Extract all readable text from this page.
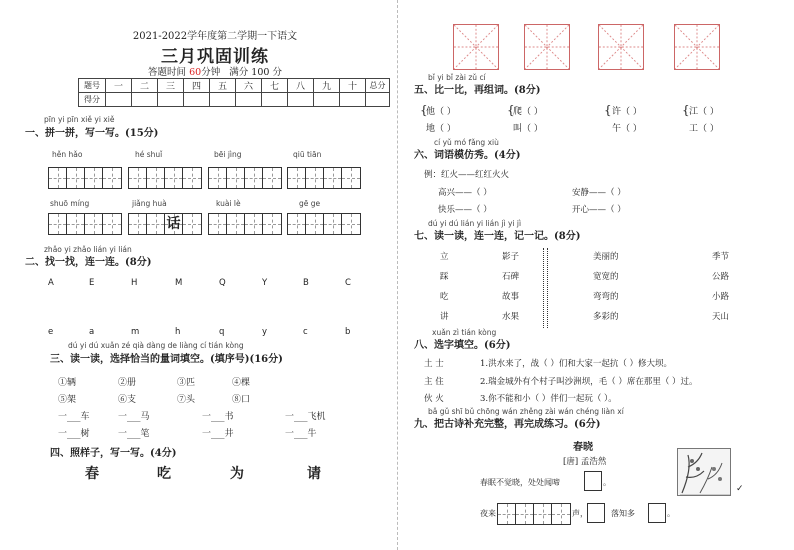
2021-2022学年度第二学期一下语文
三月巩固训练
答题时间 60分钟 满分 100 分
题号	一	二	三	四	五	六	七	八	九	十	总分
得分											
pīn yi pīn xiě yi xiě
一、拼一拼，写一写。(15分)
hěn hǎo	hé shuǐ	bēi jìng	qiū tiān
shuō míng	jiǎng huà
话
kuài lè	gē ge
zhǎo yi zhǎo lián yi lián
二、找一找，连一连。(8分)
A	E	H	M	Q	Y	B	C
e	a	m	h	q	y	c	b
dú yi dú xuǎn zé qià dàng de liàng cí tián kòng
三、读一读，选择恰当的量词填空。(填序号)(16分)
①辆	②册	③匹	④棵
⑤架	⑥支	⑦头	⑧口
一___车	一___马	一___书	一___飞机
一___树	一___笔	一___井	一___牛
四、照样子，写一写。(4分)
春	吃	为	请
bǐ yi bǐ zài zǔ cí
五、比一比，再组词。(8分)
{
他（ ）
地（ ）
{
爬（ ）
叫（ ）
{ 许（ ）
午（ ）
{ 江（ ）
工（ ）
cí yǔ mó fǎng xiù
六、词语模仿秀。(4分)
例：红火——红红火火
高兴——（ ）	安静——（ ）
快乐——（ ）	开心——（ ）
dú yi dú lián yi lián jì yi jì
七、读一读，连一连，记一记。(8分)
立
踩
吃
讲
影子
石碑
故事
水果
美丽的
宽宽的
弯弯的
多彩的
季节
公路
小路
天山
xuǎn zì tián kòng
八、选字填空。(6分)
土 士	1.洪水来了，战（ ）们和大家一起抗（ ）修大坝。
主 住	2.瑞金城外有个村子叫沙洲坝，毛（ ）席在那里（ ）过。
伙 火	3.你不能和小（ ）伴们一起玩（ ）。
bǎ gǔ shī bǔ chōng wán zhěng zài wán chéng liàn xí
九、把古诗补充完整，再完成练习。(6分)
春晓
[唐] 孟浩然
春眠不觉晓，处处闻啼	。
夜来	声，	落知多	。
✓
